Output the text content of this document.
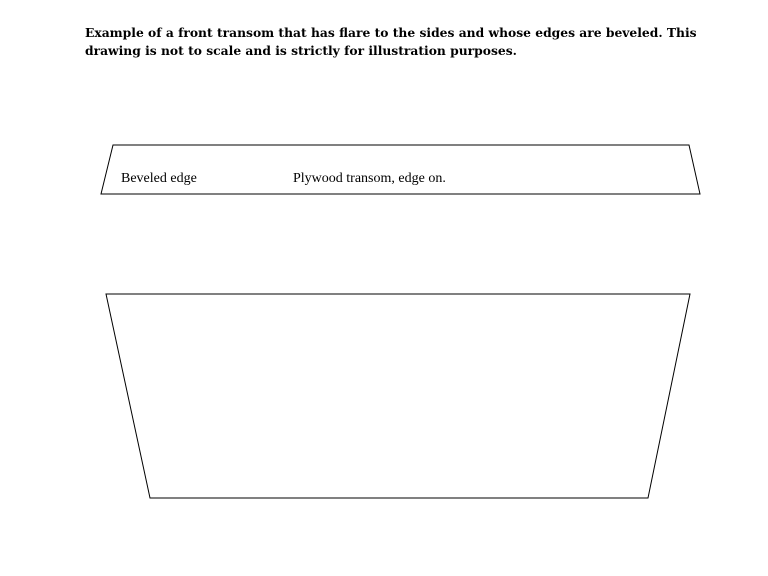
Example of a front transom that has flare to the sides and whose edges are beveled. This
drawing is not to scale and is strictly for illustration purposes.
Beveled edge	Plywood transom, edge on.
